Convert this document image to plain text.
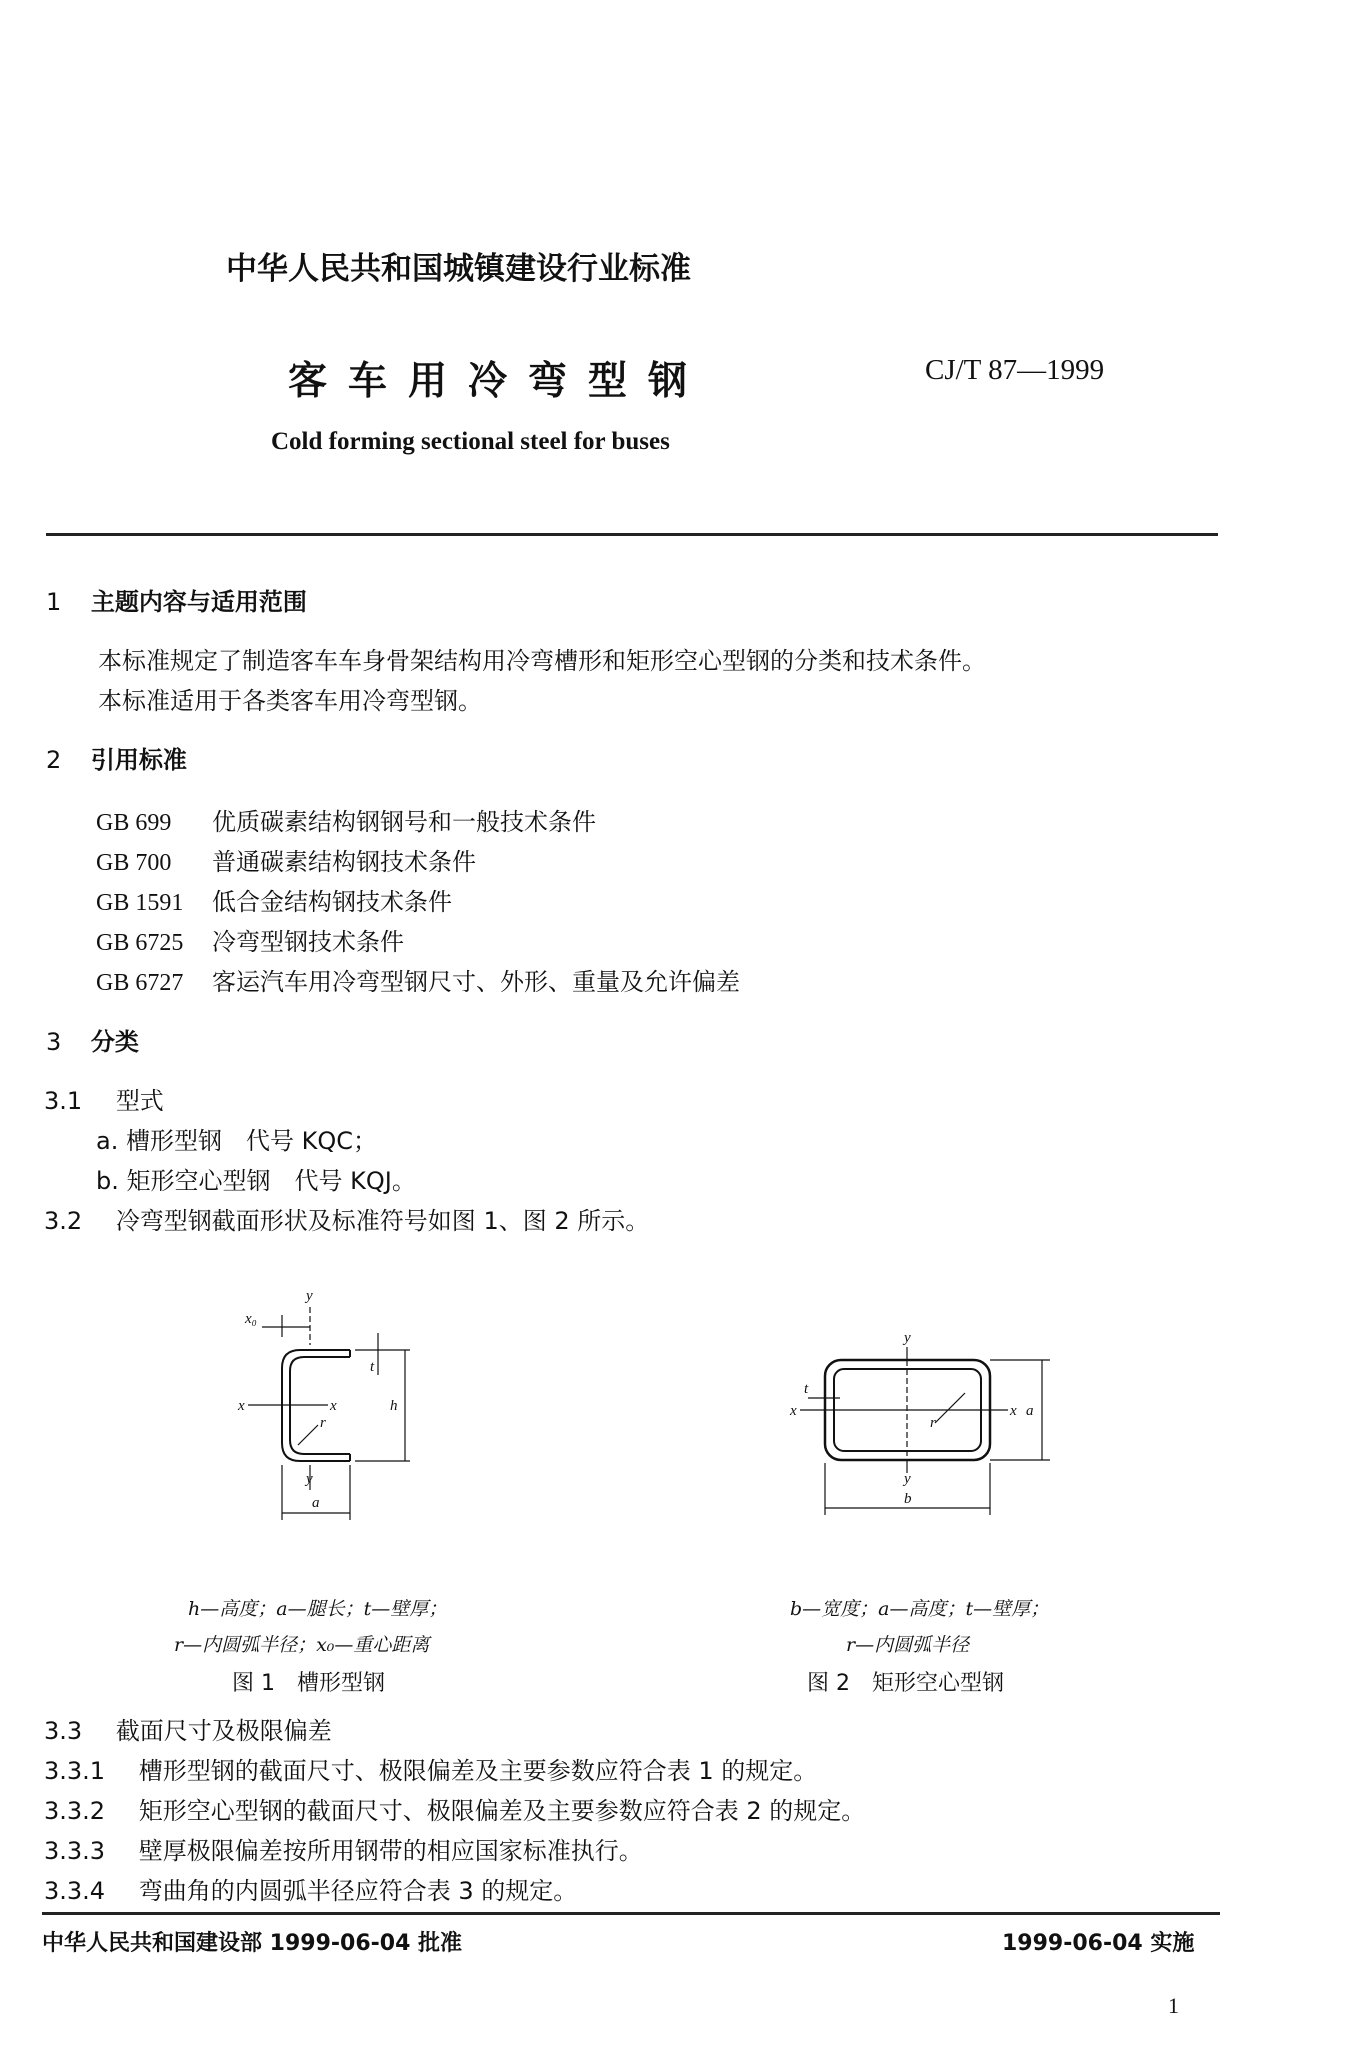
中华人民共和国城镇建设行业标准
客车用冷弯型钢	CJ/T 87—1999
Cold forming sectional steel for buses
1 主题内容与适用范围
本标准规定了制造客车车身骨架结构用冷弯槽形和矩形空心型钢的分类和技术条件。
本标准适用于各类客车用冷弯型钢。
2 引用标准
GB 699 优质碳素结构钢钢号和一般技术条件
GB 700 普通碳素结构钢技术条件
GB 1591 低合金结构钢技术条件
GB 6725 冷弯型钢技术条件
GB 6727 客运汽车用冷弯型钢尺寸、外形、重量及允许偏差
3 分类
3.1 型式
a. 槽形型钢　代号 KQC；
b. 矩形空心型钢　代号 KQJ。
3.2 冷弯型钢截面形状及标准符号如图 1、图 2 所示。
y
x₀
x	x
t
h
r
y
a
y
t
x
r
x a
y
b
h—高度；a—腿长；t—壁厚；
r—内圆弧半径；x₀—重心距离
图 1　槽形型钢
b—宽度；a—高度；t—壁厚；
r—内圆弧半径
图 2　矩形空心型钢
3.3 截面尺寸及极限偏差
3.3.1 槽形型钢的截面尺寸、极限偏差及主要参数应符合表 1 的规定。
3.3.2 矩形空心型钢的截面尺寸、极限偏差及主要参数应符合表 2 的规定。
3.3.3 壁厚极限偏差按所用钢带的相应国家标准执行。
3.3.4 弯曲角的内圆弧半径应符合表 3 的规定。
中华人民共和国建设部 1999-06-04 批准	1999-06-04 实施
1
